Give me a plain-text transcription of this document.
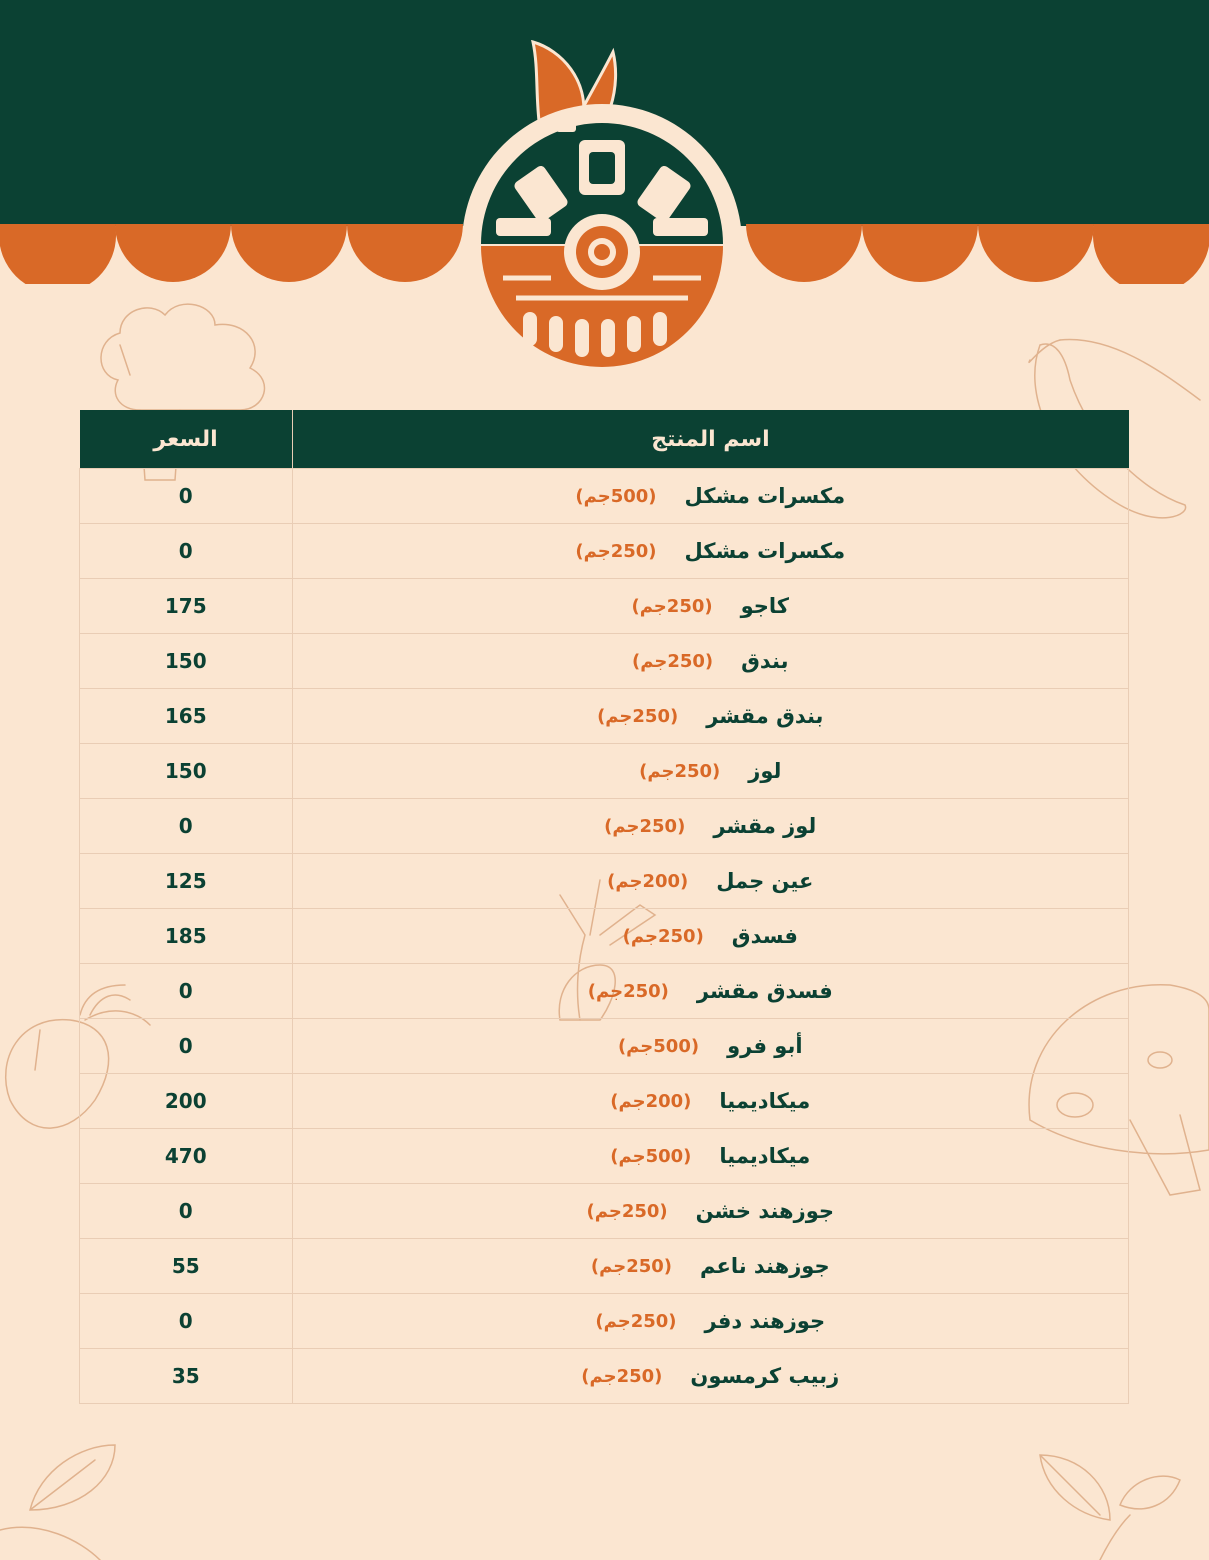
السعر	اسم المنتج
0	مكسرات مشكل
(500جم)

0	مكسرات مشكل
(250جم)

175	كاجو
(250جم)

150	بندق
(250جم)

165	بندق مقشر
(250جم)

150	لوز
(250جم)

0	لوز مقشر
(250جم)

125	عين جمل
(200جم)

185	فسدق
(250جم)

0	فسدق مقشر
(250جم)

0	أبو فرو
(500جم)

200	ميكاديميا
(200جم)

470	ميكاديميا
(500جم)

0	جوزهند خشن
(250جم)

55	جوزهند ناعم
(250جم)

0	جوزهند دفر
(250جم)

35	زبيب كرمسون
(250جم)
